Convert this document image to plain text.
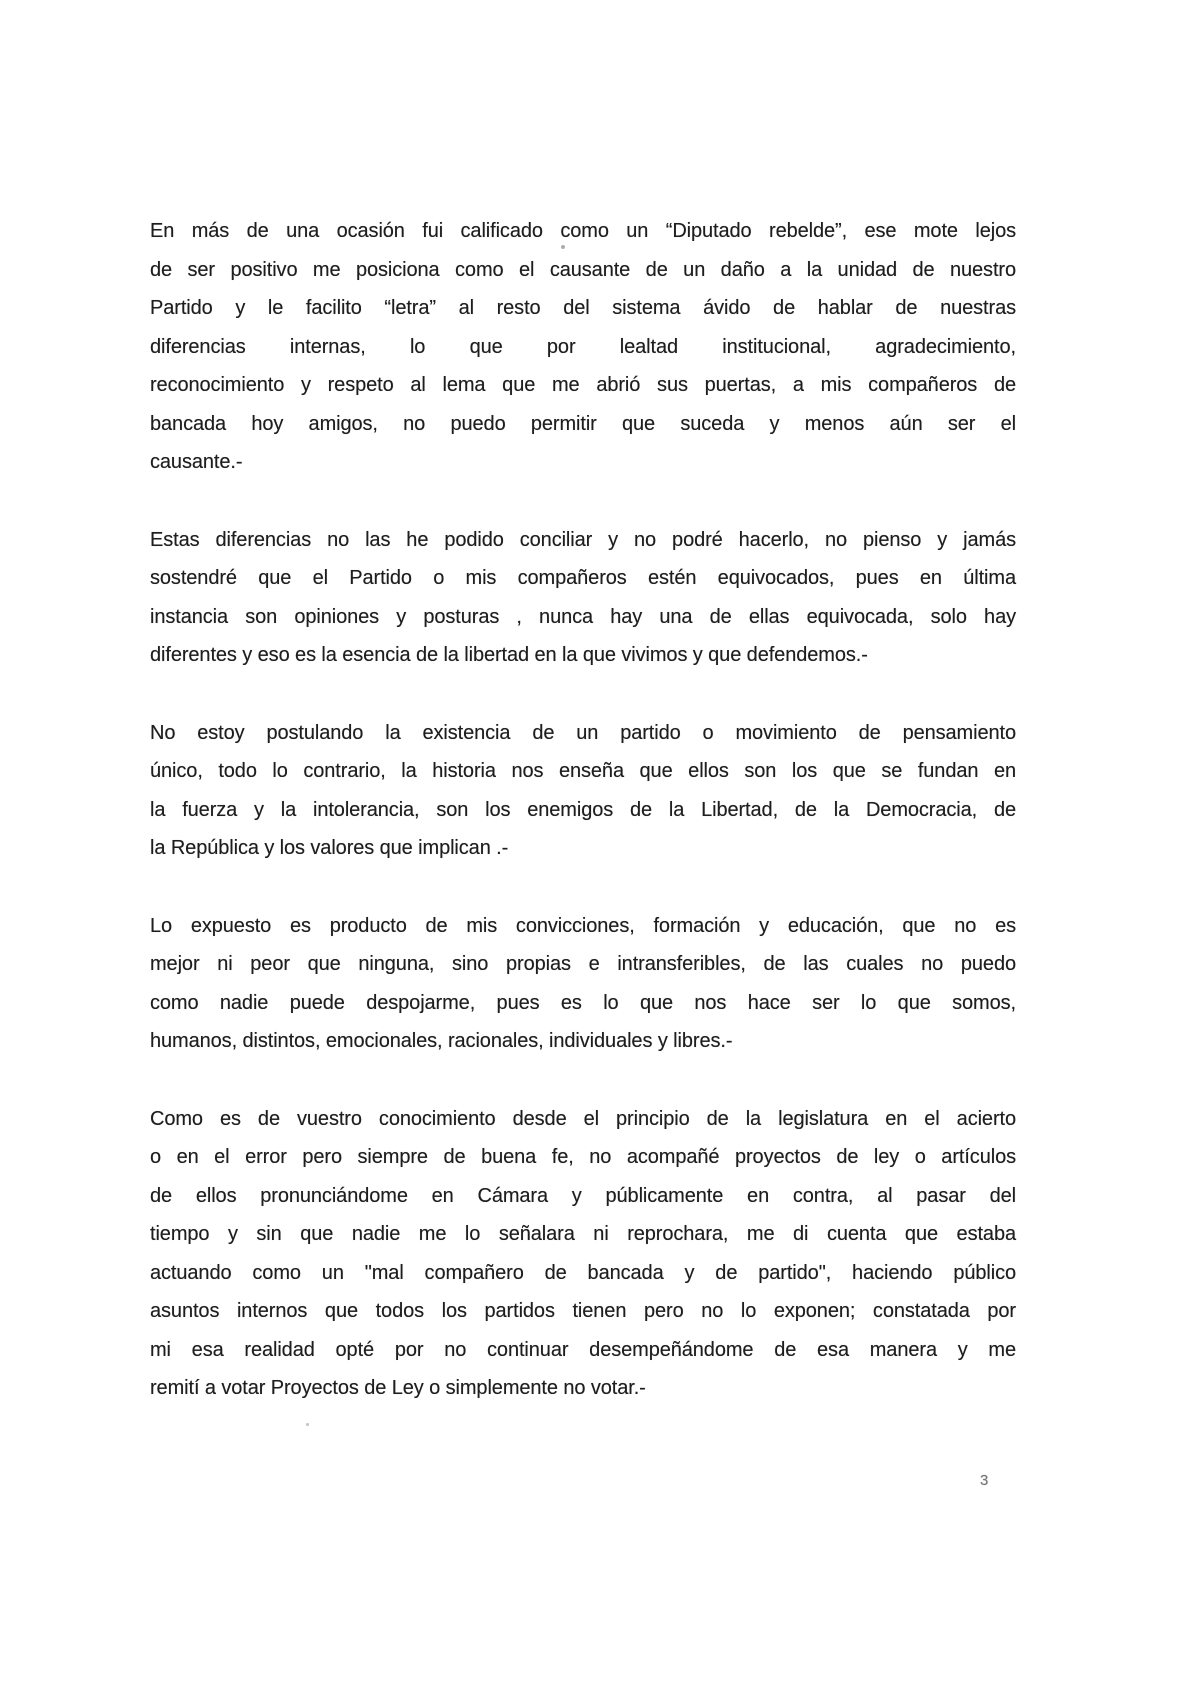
En más de una ocasión fui calificado como un “Diputado rebelde”, ese mote lejos
de ser positivo me posiciona como el causante de un daño a la unidad de nuestro
Partido y le facilito “letra” al resto del sistema ávido de hablar de nuestras
diferencias internas, lo que por lealtad institucional, agradecimiento,
reconocimiento y respeto al lema que me abrió sus puertas, a mis compañeros de
bancada hoy amigos, no puedo permitir que suceda y menos aún ser el
causante.-
Estas diferencias no las he podido conciliar y no podré hacerlo, no pienso y jamás
sostendré que el Partido o mis compañeros estén equivocados, pues en última
instancia son opiniones y posturas , nunca hay una de ellas equivocada, solo hay
diferentes y eso es la esencia de la libertad en la que vivimos y que defendemos.-
No estoy postulando la existencia de un partido o movimiento de pensamiento
único, todo lo contrario, la historia nos enseña que ellos son los que se fundan en
la fuerza y la intolerancia, son los enemigos de la Libertad, de la Democracia, de
la República y los valores que implican .-
Lo expuesto es producto de mis convicciones, formación y educación, que no es
mejor ni peor que ninguna, sino propias e intransferibles, de las cuales no puedo
como nadie puede despojarme, pues es lo que nos hace ser lo que somos,
humanos, distintos, emocionales, racionales, individuales y libres.-
Como es de vuestro conocimiento desde el principio de la legislatura en el acierto
o en el error pero siempre de buena fe, no acompañé proyectos de ley o artículos
de ellos pronunciándome en Cámara y públicamente en contra, al pasar del
tiempo y sin que nadie me lo señalara ni reprochara, me di cuenta que estaba
actuando como un "mal compañero de bancada y de partido", haciendo público
asuntos internos que todos los partidos tienen pero no lo exponen; constatada por
mi esa realidad opté por no continuar desempeñándome de esa manera y me
remití a votar Proyectos de Ley o simplemente no votar.-
3
